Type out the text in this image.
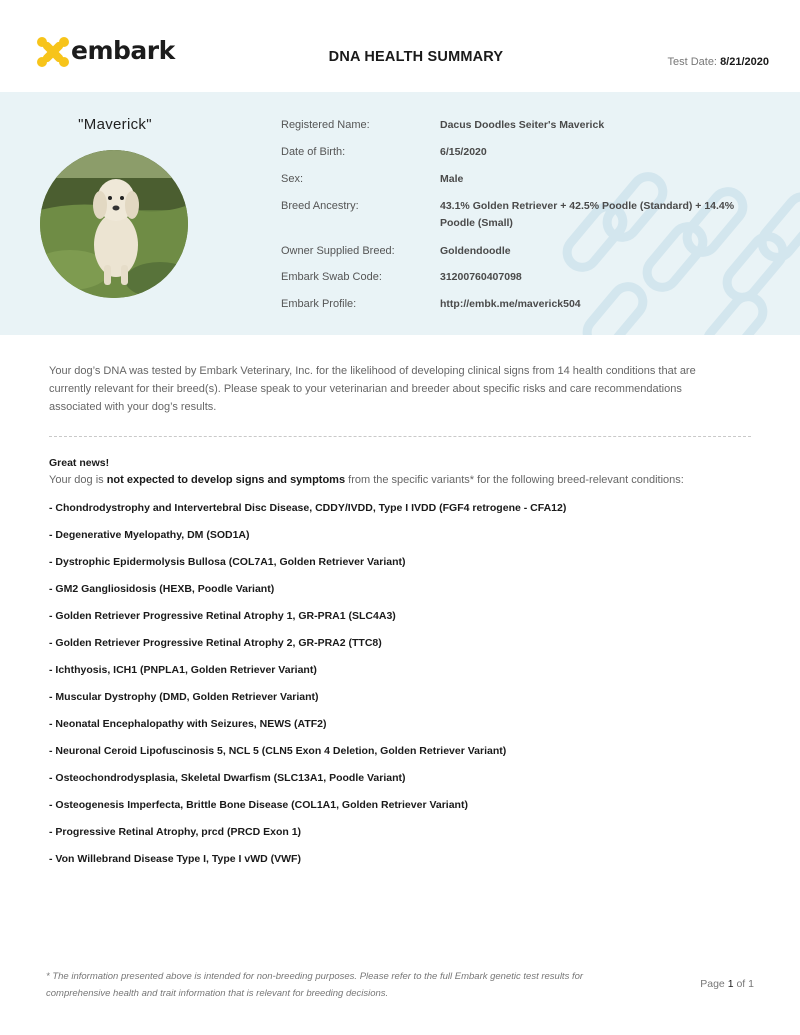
embark	DNA HEALTH SUMMARY	Test Date: 8/21/2020
"Maverick"	Registered Name:	Dacus Doodles Seiter's Maverick
Date of Birth:	6/15/2020
Sex:	Male
Breed Ancestry:	43.1% Golden Retriever + 42.5% Poodle (Standard) + 14.4% Poodle (Small)
Owner Supplied Breed:	Goldendoodle
Embark Swab Code:	31200760407098
Embark Profile:	http://embk.me/maverick504
Your dog’s DNA was tested by Embark Veterinary, Inc. for the likelihood of developing clinical signs from 14 health conditions that are currently relevant for their breed(s). Please speak to your veterinarian and breeder about specific risks and care recommendations associated with your dog’s results.
Great news!
Your dog is not expected to develop signs and symptoms from the specific variants* for the following breed-relevant conditions:
- Chondrodystrophy and Intervertebral Disc Disease, CDDY/IVDD, Type I IVDD (FGF4 retrogene - CFA12)
- Degenerative Myelopathy, DM (SOD1A)
- Dystrophic Epidermolysis Bullosa (COL7A1, Golden Retriever Variant)
- GM2 Gangliosidosis (HEXB, Poodle Variant)
- Golden Retriever Progressive Retinal Atrophy 1, GR-PRA1 (SLC4A3)
- Golden Retriever Progressive Retinal Atrophy 2, GR-PRA2 (TTC8)
- Ichthyosis, ICH1 (PNPLA1, Golden Retriever Variant)
- Muscular Dystrophy (DMD, Golden Retriever Variant)
- Neonatal Encephalopathy with Seizures, NEWS (ATF2)
- Neuronal Ceroid Lipofuscinosis 5, NCL 5 (CLN5 Exon 4 Deletion, Golden Retriever Variant)
- Osteochondrodysplasia, Skeletal Dwarfism (SLC13A1, Poodle Variant)
- Osteogenesis Imperfecta, Brittle Bone Disease (COL1A1, Golden Retriever Variant)
- Progressive Retinal Atrophy, prcd (PRCD Exon 1)
- Von Willebrand Disease Type I, Type I vWD (VWF)
* The information presented above is intended for non-breeding purposes. Please refer to the full Embark genetic test results for comprehensive health and trait information that is relevant for breeding decisions.
Page 1 of 1
